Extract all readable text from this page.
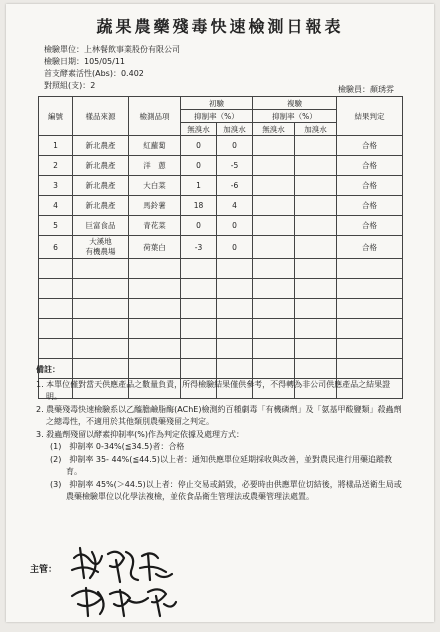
蔬果農藥殘毒快速檢測日報表
檢驗單位：上林餐飲事業股份有限公司
檢驗日期：105/05/11
首支酵素活性(Abs)：0.402
對照組(支)：2	檢驗員：顏琇雰
編號	樣品來源	檢測品項	初驗		複驗		結果判定
			抑制率（%）		抑制率（%）		
			無溴水	加溴水	無溴水	加溴水	
1	新北農產	紅蘿蔔	0	0			合格
2	新北農產	洋　蔥	0	-5			合格
3	新北農產	大白菜	1	-6			合格
4	新北農產	馬鈴薯	18	4			合格
5	巨富食品	青花菜	0	0			合格
6	大溪地
有機農場	荷葉白	-3	0			合格

備註：

1. 本單位僅對當天供應產品之數量負責，所得檢驗結果僅供參考，不得轉為非公司供應產品之結果證明。

2. 農藥殘毒快速檢驗系以乙醯膽鹼脂酶(AChE)檢測約百種劇毒「有機磷劑」及「氨基甲酸鹽類」殺蟲劑之總毒性，不適用於其他類別農藥殘留之判定。

3. 殺蟲劑殘留以酵素抑制率(%)作為判定依據及處理方式：

(1)　抑制率 0-34%(≦34.5)者：合格

(2)　抑制率 35- 44%(≦44.5)以上者：通知供應單位延期採收與改善，並對農民進行用藥追蹤教育。

(3)　抑制率 45%(＞44.5)以上者：停止交易或銷毀，必要時由供應單位切結後，將樣品送衛生局或農藥檢驗單位以化學法複檢，並依食品衛生管理法或農藥管理法處置。

主管：
